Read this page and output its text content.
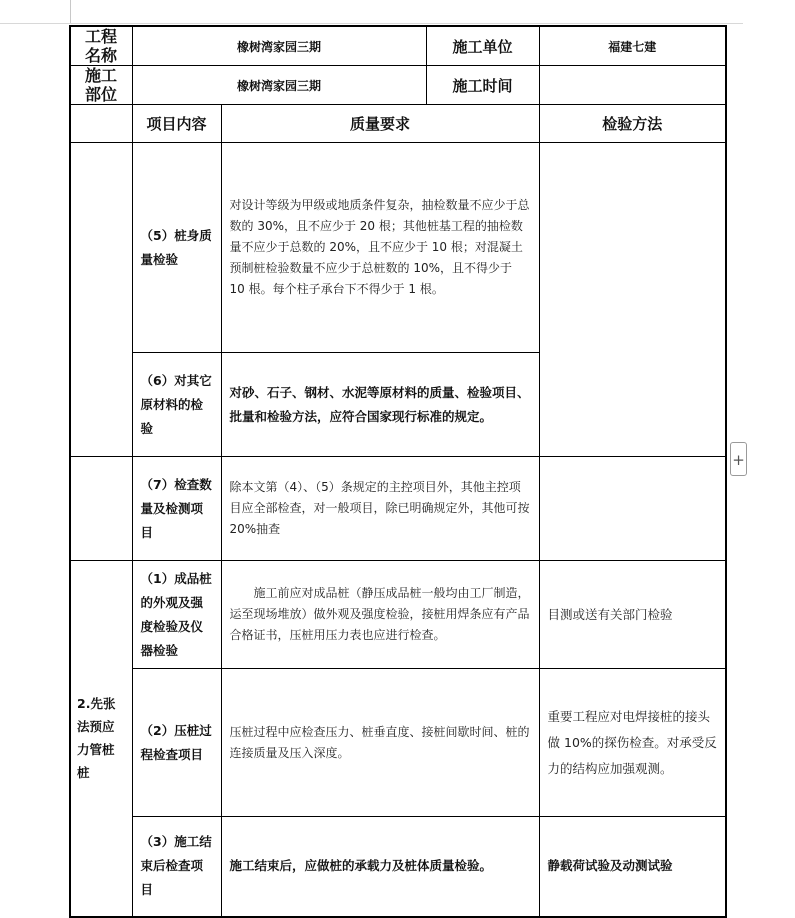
工程名称	橡树湾家园三期		施工单位	福建七建
施工部位	橡树湾家园三期		施工时间	
	项目内容	质量要求		检验方法
	（5）桩身质量检验	对设计等级为甲级或地质条件复杂，抽检数量不应少于总数的 30%，且不应少于 20 根；其他桩基工程的抽检数量不应少于总数的 20%，且不应少于 10 根；对混凝土预制桩检验数量不应少于总桩数的 10%，且不得少于 10 根。每个柱子承台下不得少于 1 根。		
	（6）对其它原材料的检验	对砂、石子、钢材、水泥等原材料的质量、检验项目、批量和检验方法，应符合国家现行标准的规定。		
	（7）检查数量及检测项目	除本文第（4）、（5）条规定的主控项目外，其他主控项目应全部检查，对一般项目，除已明确规定外，其他可按 20%抽查		
2.先张法预应力管桩桩	（1）成品桩的外观及强度检验及仪器检验	施工前应对成品桩（静压成品桩一般均由工厂制造，运至现场堆放）做外观及强度检验，接桩用焊条应有产品合格证书，压桩用压力表也应进行检查。		目测或送有关部门检验
	（2）压桩过程检查项目	压桩过程中应检查压力、桩垂直度、接桩间歇时间、桩的连接质量及压入深度。		重要工程应对电焊接桩的接头做 10%的探伤检查。对承受反力的结构应加强观测。
	（3）施工结束后检查项目	施工结束后，应做桩的承载力及桩体质量检验。		静载荷试验及动测试验
+
